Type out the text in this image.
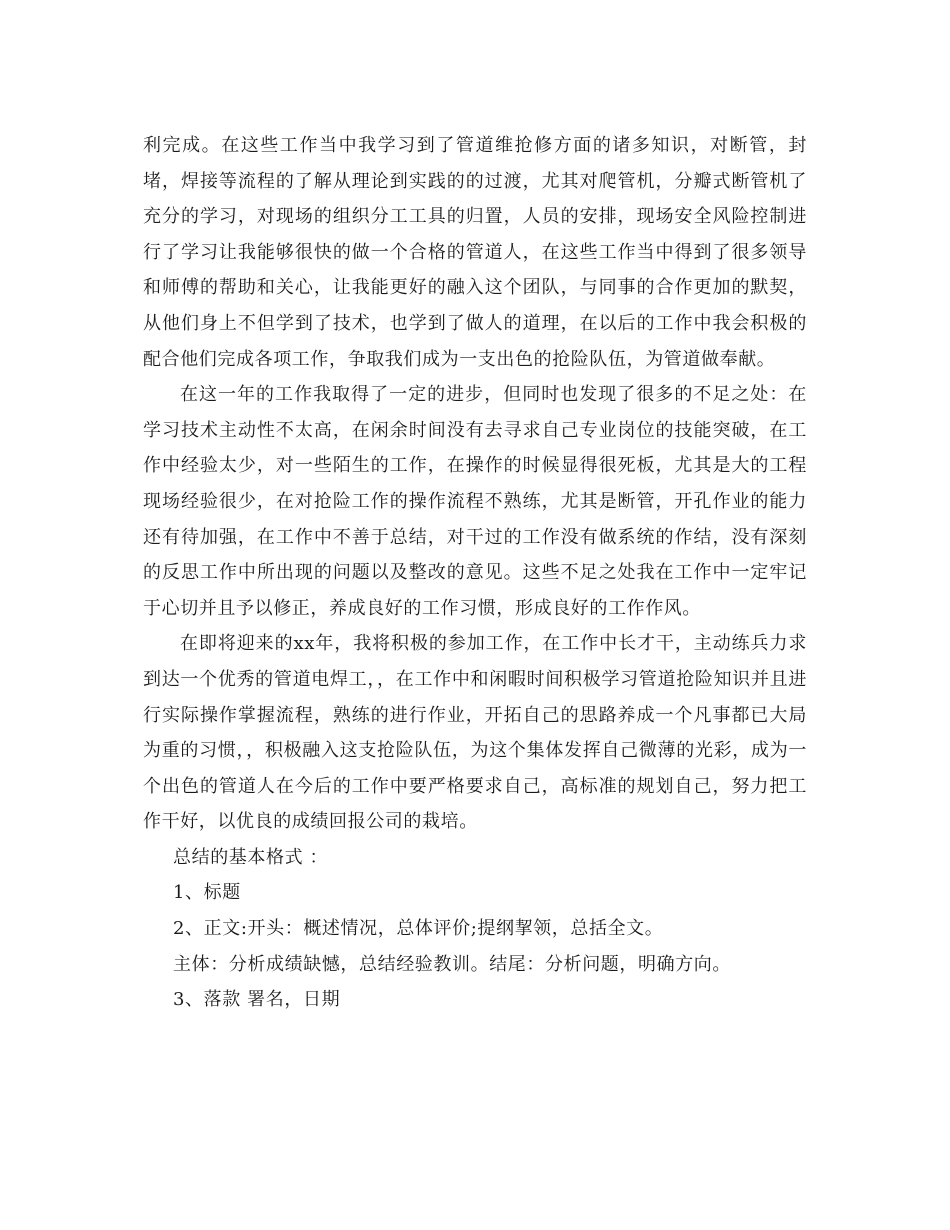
利完成。在这些工作当中我学习到了管道维抢修方面的诸多知识，对断管，封堵，焊接等流程的了解从理论到实践的的过渡，尤其对爬管机，分瓣式断管机了充分的学习，对现场的组织分工工具的归置，人员的安排，现场安全风险控制进行了学习让我能够很快的做一个合格的管道人，在这些工作当中得到了很多领导和师傅的帮助和关心，让我能更好的融入这个团队，与同事的合作更加的默契，从他们身上不但学到了技术，也学到了做人的道理，在以后的工作中我会积极的配合他们完成各项工作，争取我们成为一支出色的抢险队伍，为管道做奉献。

在这一年的工作我取得了一定的进步，但同时也发现了很多的不足之处：在学习技术主动性不太高，在闲余时间没有去寻求自己专业岗位的技能突破，在工作中经验太少，对一些陌生的工作，在操作的时候显得很死板，尤其是大的工程现场经验很少，在对抢险工作的操作流程不熟练，尤其是断管，开孔作业的能力还有待加强，在工作中不善于总结，对干过的工作没有做系统的作结，没有深刻的反思工作中所出现的问题以及整改的意见。这些不足之处我在工作中一定牢记于心切并且予以修正，养成良好的工作习惯，形成良好的工作作风。

在即将迎来的xx年，我将积极的参加工作，在工作中长才干，主动练兵力求到达一个优秀的管道电焊工，，在工作中和闲暇时间积极学习管道抢险知识并且进行实际操作掌握流程，熟练的进行作业，开拓自己的思路养成一个凡事都已大局为重的习惯，，积极融入这支抢险队伍，为这个集体发挥自己微薄的光彩，成为一个出色的管道人在今后的工作中要严格要求自己，高标准的规划自己，努力把工作干好，以优良的成绩回报公司的栽培。

总结的基本格式 ：

1、标题

2、正文:开头：概述情况，总体评价;提纲挈领，总括全文。

主体：分析成绩缺憾，总结经验教训。结尾：分析问题，明确方向。

3、落款 署名，日期
